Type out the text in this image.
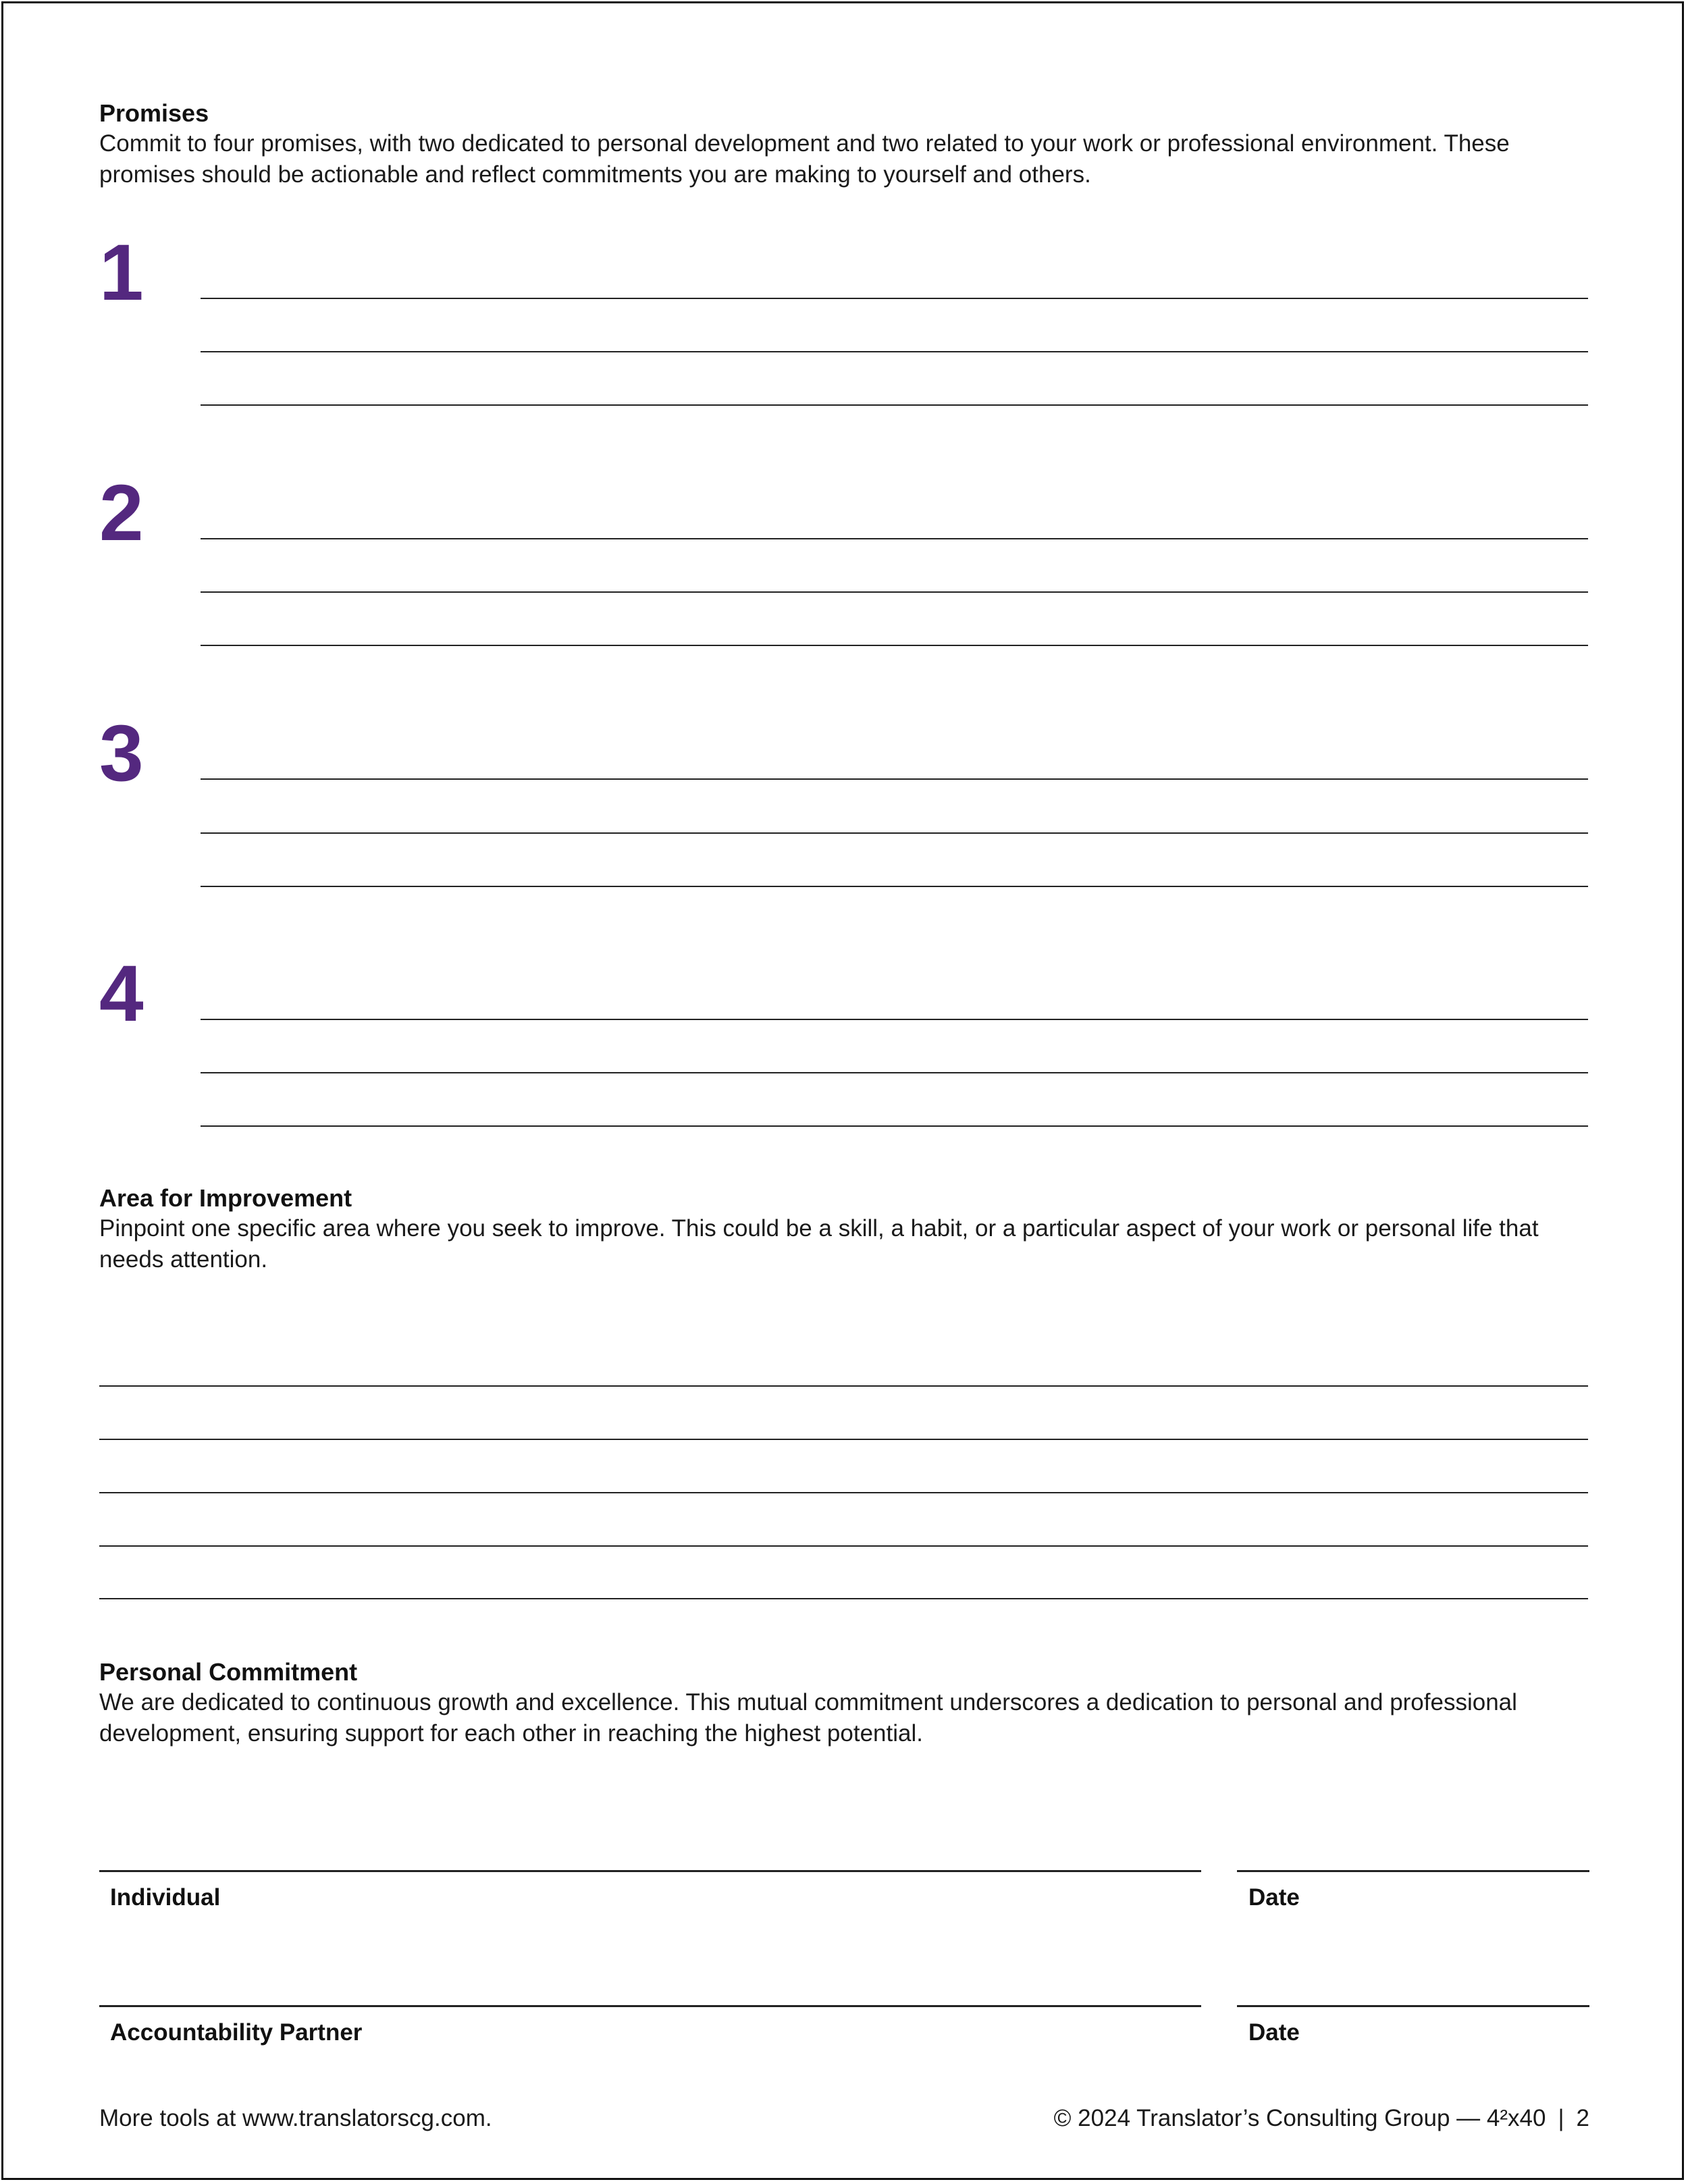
Promises

Commit to four promises, with two dedicated to personal development and two related to your work or professional environment. These promises should be actionable and reflect commitments you are making to yourself and others.

1
2
3
4
Area for Improvement

Pinpoint one specific area where you seek to improve. This could be a skill, a habit, or a particular aspect of your work or personal life that needs attention.

Personal Commitment

We are dedicated to continuous growth and excellence. This mutual commitment underscores a dedication to personal and professional development, ensuring support for each other in reaching the highest potential.

Individual	Date
Accountability Partner	Date
More tools at www.translatorscg.com.	© 2024 Translator’s Consulting Group — 4²x40 | 2
